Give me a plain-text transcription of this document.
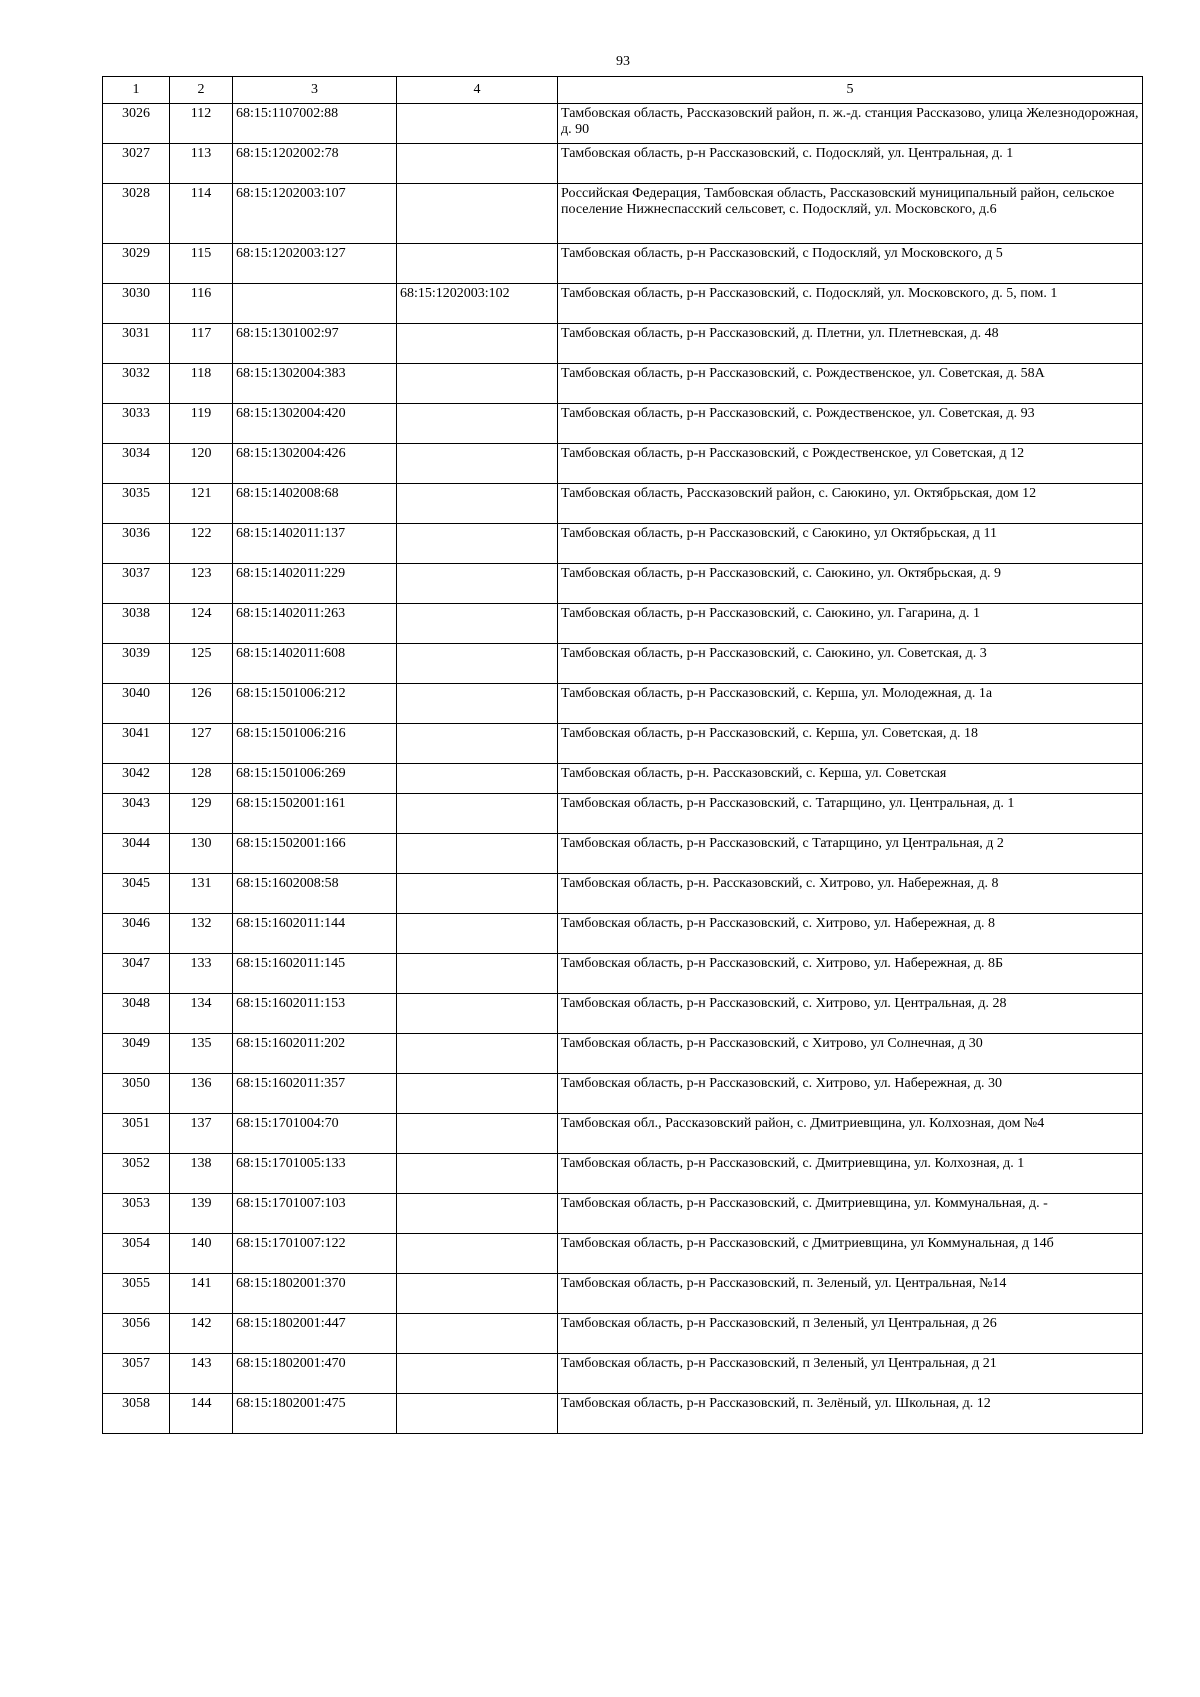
93
1	2	3	4	5
3026	112	68:15:1107002:88		Тамбовская область, Рассказовский район, п. ж.-д. станция Рассказово, улица Железнодорожная, д. 90
3027	113	68:15:1202002:78		Тамбовская область, р-н Рассказовский, с. Подоскляй, ул. Центральная, д. 1
3028	114	68:15:1202003:107		Российская Федерация, Тамбовская область, Рассказовский муниципальный район, сельское поселение Нижнеспасский сельсовет, с. Подоскляй, ул. Московского, д.6
3029	115	68:15:1202003:127		Тамбовская область, р-н Рассказовский, с Подоскляй, ул Московского, д 5
3030	116		68:15:1202003:102	Тамбовская область, р-н Рассказовский, с. Подоскляй, ул. Московского, д. 5, пом. 1
3031	117	68:15:1301002:97		Тамбовская область, р-н Рассказовский, д. Плетни, ул. Плетневская, д. 48
3032	118	68:15:1302004:383		Тамбовская область, р-н Рассказовский, с. Рождественское, ул. Советская, д. 58А
3033	119	68:15:1302004:420		Тамбовская область, р-н Рассказовский, с. Рождественское, ул. Советская, д. 93
3034	120	68:15:1302004:426		Тамбовская область, р-н Рассказовский, с Рождественское, ул Советская, д 12
3035	121	68:15:1402008:68		Тамбовская область, Рассказовский район, с. Саюкино, ул. Октябрьская, дом 12
3036	122	68:15:1402011:137		Тамбовская область, р-н Рассказовский, с Саюкино, ул Октябрьская, д 11
3037	123	68:15:1402011:229		Тамбовская область, р-н Рассказовский, с. Саюкино, ул. Октябрьская, д. 9
3038	124	68:15:1402011:263		Тамбовская область, р-н Рассказовский, с. Саюкино, ул. Гагарина, д. 1
3039	125	68:15:1402011:608		Тамбовская область, р-н Рассказовский, с. Саюкино, ул. Советская, д. 3
3040	126	68:15:1501006:212		Тамбовская область, р-н Рассказовский, с. Керша, ул. Молодежная, д. 1а
3041	127	68:15:1501006:216		Тамбовская область, р-н Рассказовский, с. Керша, ул. Советская, д. 18
3042	128	68:15:1501006:269		Тамбовская область, р-н. Рассказовский, с. Керша, ул. Советская
3043	129	68:15:1502001:161		Тамбовская область, р-н Рассказовский, с. Татарщино, ул. Центральная, д. 1
3044	130	68:15:1502001:166		Тамбовская область, р-н Рассказовский, с Татарщино, ул Центральная, д 2
3045	131	68:15:1602008:58		Тамбовская область, р-н. Рассказовский, с. Хитрово, ул. Набережная, д. 8
3046	132	68:15:1602011:144		Тамбовская область, р-н Рассказовский, с. Хитрово, ул. Набережная, д. 8
3047	133	68:15:1602011:145		Тамбовская область, р-н Рассказовский, с. Хитрово, ул. Набережная, д. 8Б
3048	134	68:15:1602011:153		Тамбовская область, р-н Рассказовский, с. Хитрово, ул. Центральная, д. 28
3049	135	68:15:1602011:202		Тамбовская область, р-н Рассказовский, с Хитрово, ул Солнечная, д 30
3050	136	68:15:1602011:357		Тамбовская область, р-н Рассказовский, с. Хитрово, ул. Набережная, д. 30
3051	137	68:15:1701004:70		Тамбовская обл., Рассказовский район, с. Дмитриевщина, ул. Колхозная, дом №4
3052	138	68:15:1701005:133		Тамбовская область, р-н Рассказовский, с. Дмитриевщина, ул. Колхозная, д. 1
3053	139	68:15:1701007:103		Тамбовская область, р-н Рассказовский, с. Дмитриевщина, ул. Коммунальная, д. -
3054	140	68:15:1701007:122		Тамбовская область, р-н Рассказовский, с Дмитриевщина, ул Коммунальная, д 14б
3055	141	68:15:1802001:370		Тамбовская область, р-н Рассказовский, п. Зеленый, ул. Центральная, №14
3056	142	68:15:1802001:447		Тамбовская область, р-н Рассказовский, п Зеленый, ул Центральная, д 26
3057	143	68:15:1802001:470		Тамбовская область, р-н Рассказовский, п Зеленый, ул Центральная, д 21
3058	144	68:15:1802001:475		Тамбовская область, р-н Рассказовский, п. Зелёный, ул. Школьная, д. 12
